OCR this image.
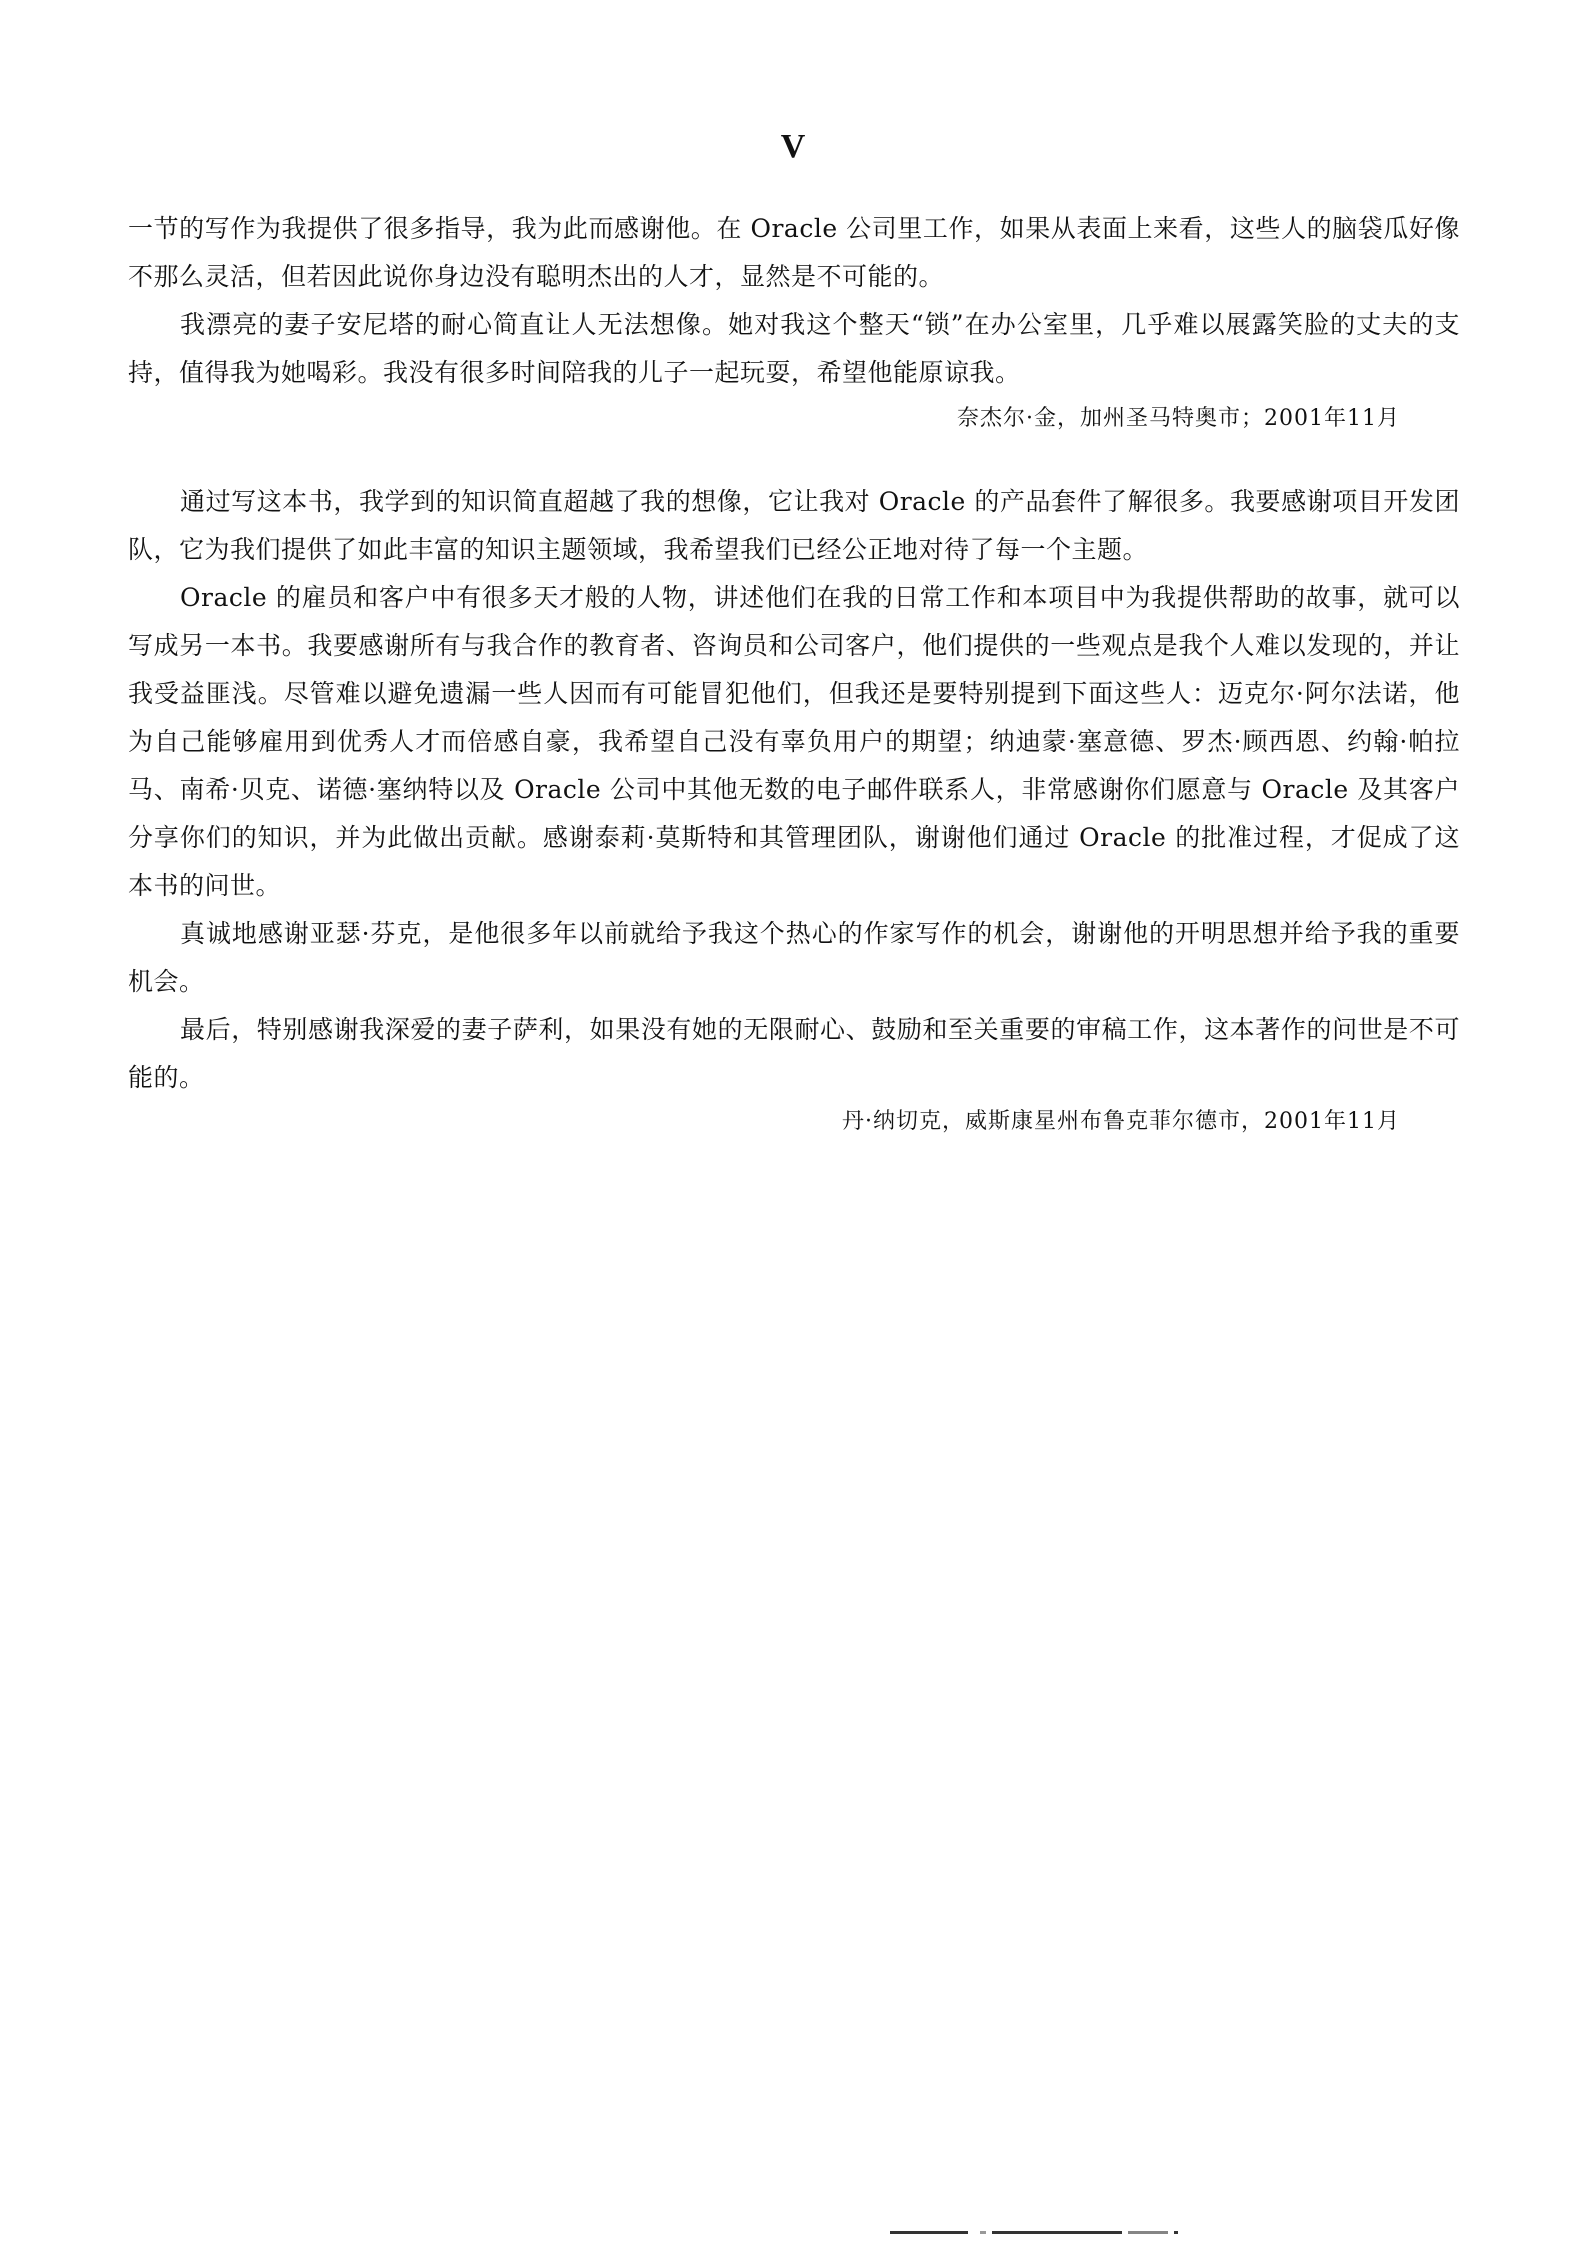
V

一节的写作为我提供了很多指导，我为此而感谢他。在 Oracle 公司里工作，如果从表面上来看，这些人的脑袋瓜好像不那么灵活，但若因此说你身边没有聪明杰出的人才，显然是不可能的。

我漂亮的妻子安尼塔的耐心简直让人无法想像。她对我这个整天“锁”在办公室里，几乎难以展露笑脸的丈夫的支持，值得我为她喝彩。我没有很多时间陪我的儿子一起玩耍，希望他能原谅我。

奈杰尔·金，加州圣马特奥市；2001年11月

通过写这本书，我学到的知识简直超越了我的想像，它让我对 Oracle 的产品套件了解很多。我要感谢项目开发团队，它为我们提供了如此丰富的知识主题领域，我希望我们已经公正地对待了每一个主题。

Oracle 的雇员和客户中有很多天才般的人物，讲述他们在我的日常工作和本项目中为我提供帮助的故事，就可以写成另一本书。我要感谢所有与我合作的教育者、咨询员和公司客户，他们提供的一些观点是我个人难以发现的，并让我受益匪浅。尽管难以避免遗漏一些人因而有可能冒犯他们，但我还是要特别提到下面这些人：迈克尔·阿尔法诺，他为自己能够雇用到优秀人才而倍感自豪，我希望自己没有辜负用户的期望；纳迪蒙·塞意德、罗杰·顾西恩、约翰·帕拉马、南希·贝克、诺德·塞纳特以及 Oracle 公司中其他无数的电子邮件联系人，非常感谢你们愿意与 Oracle 及其客户分享你们的知识，并为此做出贡献。感谢泰莉·莫斯特和其管理团队，谢谢他们通过 Oracle 的批准过程，才促成了这本书的问世。

真诚地感谢亚瑟·芬克，是他很多年以前就给予我这个热心的作家写作的机会，谢谢他的开明思想并给予我的重要机会。

最后，特别感谢我深爱的妻子萨利，如果没有她的无限耐心、鼓励和至关重要的审稿工作，这本著作的问世是不可能的。

丹·纳切克，威斯康星州布鲁克菲尔德市，2001年11月
